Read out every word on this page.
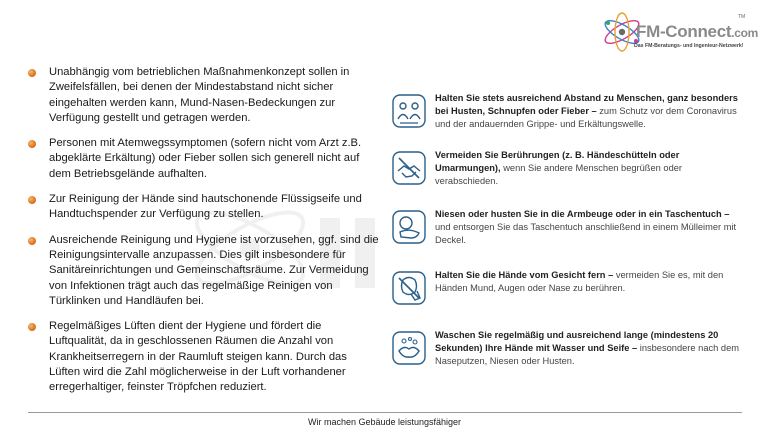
FM-Connect.com
TM
Das FM-Beratungs- und Ingenieur-Netzwerk!
Unabhängig vom betrieblichen Maßnahmenkonzept sollen in Zweifelsfällen, bei denen der Mindestabstand nicht sicher eingehalten werden kann, Mund-Nasen-Bedeckungen zur Verfügung gestellt und getragen werden.
Personen mit Atemwegssymptomen (sofern nicht vom Arzt z.B. abgeklärte Erkältung) oder Fieber sollen sich generell nicht auf dem Betriebsgelände aufhalten.
Zur Reinigung der Hände sind hautschonende Flüssigseife und Handtuchspender zur Verfügung zu stellen.
Ausreichende Reinigung und Hygiene ist vorzusehen, ggf. sind die Reinigungsintervalle anzupassen. Dies gilt insbesondere für Sanitäreinrichtungen und Gemeinschaftsräume. Zur Vermeidung von Infektionen trägt auch das regelmäßige Reinigen von Türklinken und Handläufen bei.
Regelmäßiges Lüften dient der Hygiene und fördert die Luftqualität, da in geschlossenen Räumen die Anzahl von Krankheitserregern in der Raumluft steigen kann. Durch das Lüften wird die Zahl möglicherweise in der Luft vorhandener erregerhaltiger, feinster Tröpfchen reduziert.
Halten Sie stets ausreichend Abstand zu Menschen, ganz besonders bei Husten, Schnupfen oder Fieber – zum Schutz vor dem Coronavirus und der andauernden Grippe- und Erkältungswelle.
Vermeiden Sie Berührungen (z. B. Händeschütteln oder Umarmungen), wenn Sie andere Menschen begrüßen oder verabschieden.
Niesen oder husten Sie in die Armbeuge oder in ein Taschentuch – und entsorgen Sie das Taschentuch anschließend in einem Mülleimer mit Deckel.
Halten Sie die Hände vom Gesicht fern – vermeiden Sie es, mit den Händen Mund, Augen oder Nase zu berühren.
Waschen Sie regelmäßig und ausreichend lange (mindestens 20 Sekunden) Ihre Hände mit Wasser und Seife – insbesondere nach dem Naseputzen, Niesen oder Husten.
Wir machen Gebäude leistungsfähiger
